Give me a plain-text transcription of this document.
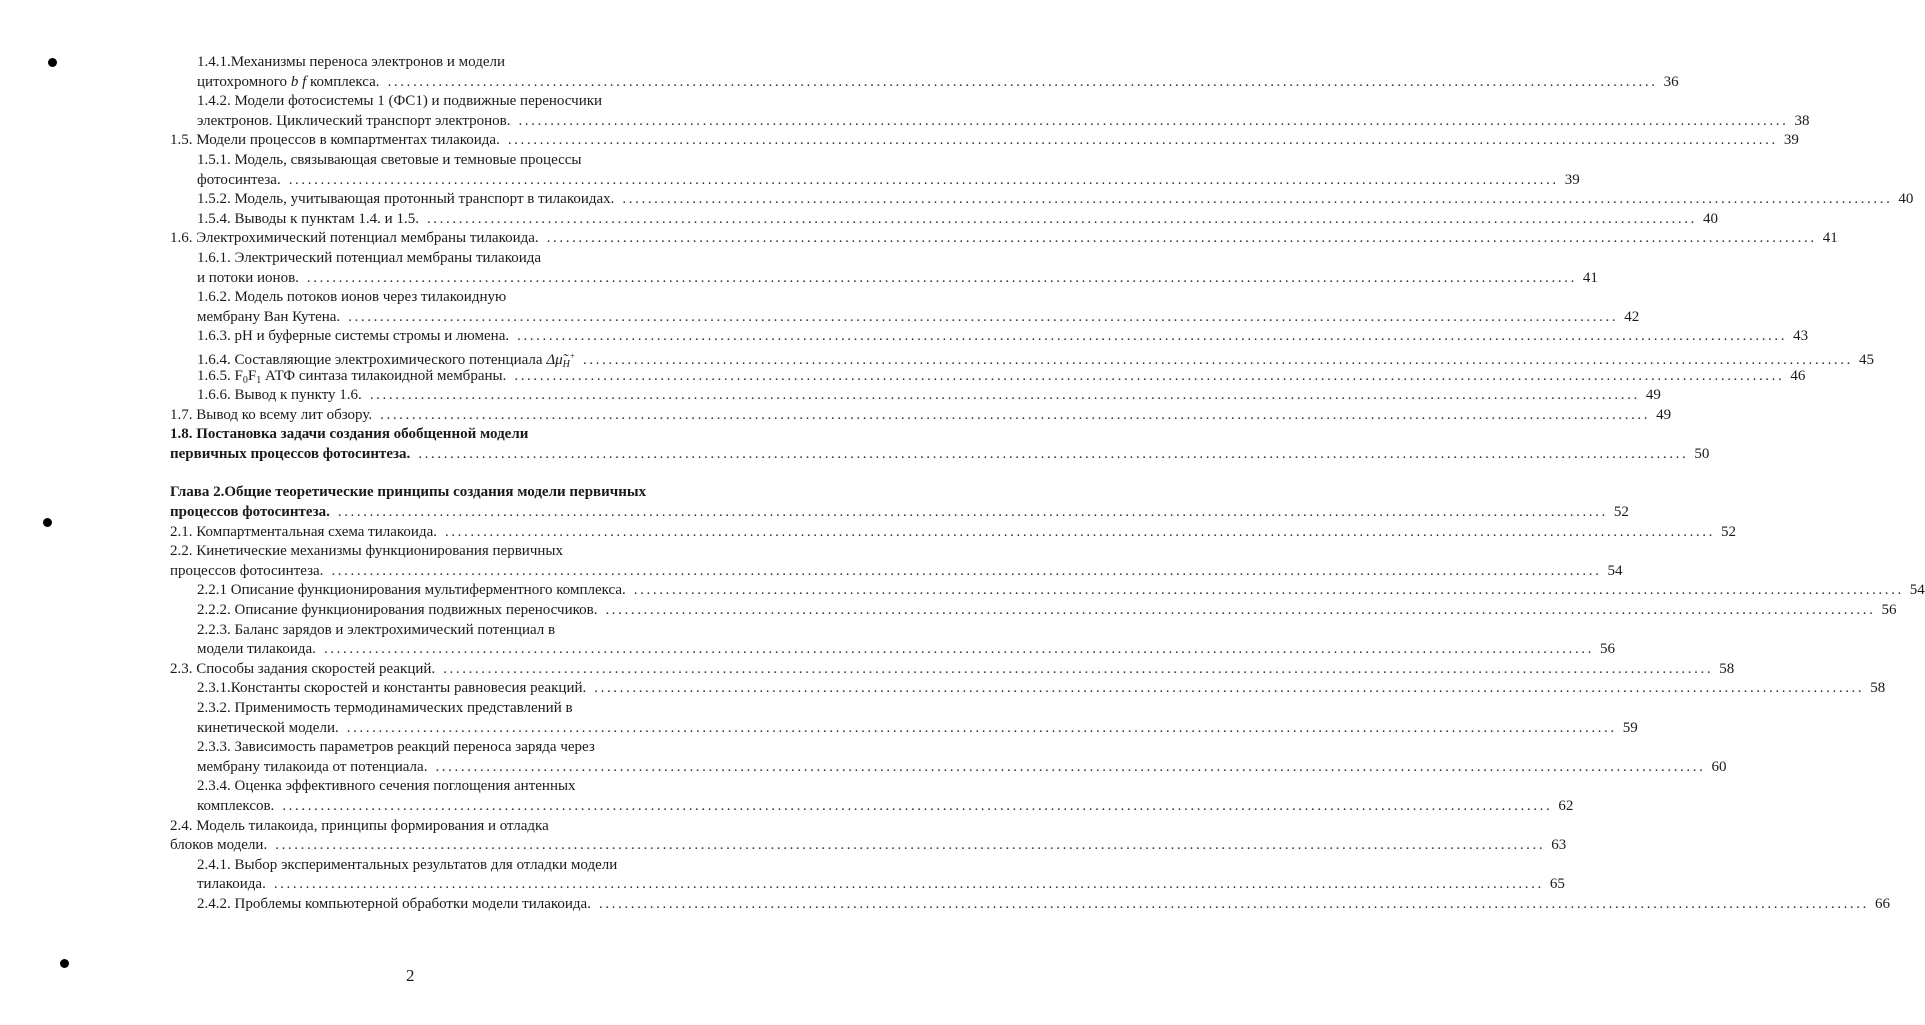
1.4.1.Механизмы переноса электронов и модели
цитохромного b f комплекса. ........................................................................................................................................................................................................ 36
1.4.2. Модели фотосистемы 1 (ФС1) и подвижные переносчики
электронов. Циклический транспорт электронов. ........................................................................................................................................................................................................ 38
1.5. Модели процессов в компартментах тилакоида. ........................................................................................................................................................................................................ 39
1.5.1. Модель, связывающая световые и темновые процессы
фотосинтеза. ........................................................................................................................................................................................................ 39
1.5.2. Модель, учитывающая протонный транспорт в тилакоидах. ........................................................................................................................................................................................................ 40
1.5.4. Выводы к пунктам 1.4. и 1.5. ........................................................................................................................................................................................................ 40
1.6. Электрохимический потенциал мембраны тилакоида. ........................................................................................................................................................................................................ 41
1.6.1. Электрический потенциал мембраны тилакоида
и потоки ионов. ........................................................................................................................................................................................................ 41
1.6.2. Модель потоков ионов через тилакоидную
мембрану Ван Кутена. ........................................................................................................................................................................................................ 42
1.6.3. pH и буферные системы стромы и люмена. ........................................................................................................................................................................................................ 43
1.6.4. Составляющие электрохимического потенциала $\Delta\mũ_H^+$ ........................................................................................................................................................................................................ 45
1.6.5. $F_0F_1$ АТФ синтаза тилакоидной мембраны. ........................................................................................................................................................................................................ 46
1.6.6. Вывод к пункту 1.6. ........................................................................................................................................................................................................ 49
1.7. Вывод ко всему лит обзору. ........................................................................................................................................................................................................ 49
1.8. Постановка задачи создания обобщенной модели
первичных процессов фотосинтеза. ........................................................................................................................................................................................................ 50
Глава 2.Общие теоретические принципы создания модели первичных
процессов фотосинтеза. ........................................................................................................................................................................................................ 52
2.1. Компартментальная схема тилакоида. ........................................................................................................................................................................................................ 52
2.2. Кинетические механизмы функционирования первичных
процессов фотосинтеза. ........................................................................................................................................................................................................ 54
2.2.1 Описание функционирования мультиферментного комплекса. ........................................................................................................................................................................................................ 54
2.2.2. Описание функционирования подвижных переносчиков. ........................................................................................................................................................................................................ 56
2.2.3. Баланс зарядов и электрохимический потенциал в
модели тилакоида. ........................................................................................................................................................................................................ 56
2.3. Способы задания скоростей реакций. ........................................................................................................................................................................................................ 58
2.3.1.Константы скоростей и константы равновесия реакций. ........................................................................................................................................................................................................ 58
2.3.2. Применимость термодинамических представлений в
кинетической модели. ........................................................................................................................................................................................................ 59
2.3.3. Зависимость параметров реакций переноса заряда через
мембрану тилакоида от потенциала. ........................................................................................................................................................................................................ 60
2.3.4. Оценка эффективного сечения поглощения антенных
комплексов. ........................................................................................................................................................................................................ 62
2.4. Модель тилакоида, принципы формирования и отладка
блоков модели. ........................................................................................................................................................................................................ 63
2.4.1. Выбор экспериментальных результатов для отладки модели
тилакоида. ........................................................................................................................................................................................................ 65
2.4.2. Проблемы компьютерной обработки модели тилакоида. ........................................................................................................................................................................................................ 66
2
